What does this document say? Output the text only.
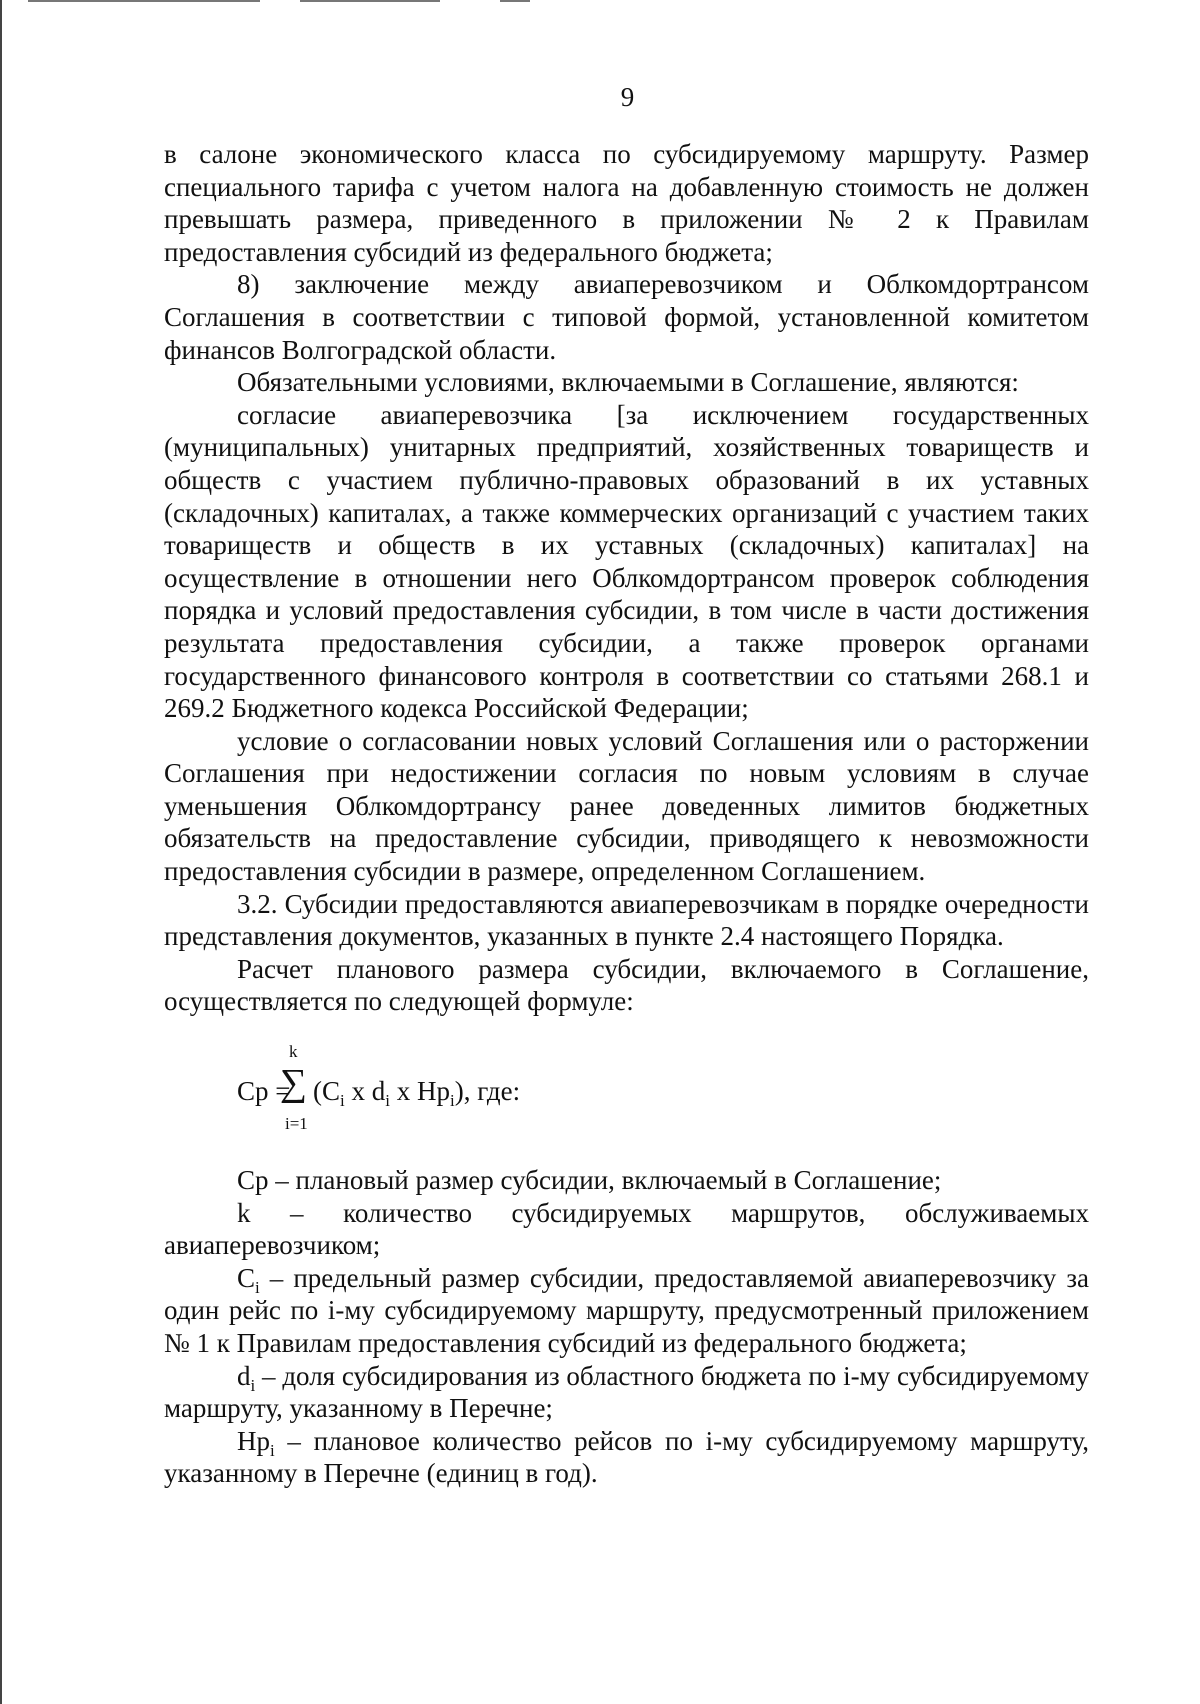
9

в салоне экономического класса по субсидируемому маршруту. Размер специального тарифа с учетом налога на добавленную стоимость не должен превышать размера, приведенного в приложении № 2 к Правилам предоставления субсидий из федерального бюджета;

8) заключение между авиаперевозчиком и Облкомдортрансом Соглашения в соответствии с типовой формой, установленной комитетом финансов Волгоградской области.

Обязательными условиями, включаемыми в Соглашение, являются:

согласие авиаперевозчика [за исключением государственных (муниципальных) унитарных предприятий, хозяйственных товариществ и обществ с участием публично-правовых образований в их уставных (складочных) капиталах, а также коммерческих организаций с участием таких товариществ и обществ в их уставных (складочных) капиталах] на осуществление в отношении него Облкомдортрансом проверок соблюдения порядка и условий предоставления субсидии, в том числе в части достижения результата предоставления субсидии, а также проверок органами государственного финансового контроля в соответствии со статьями 268.1 и 269.2 Бюджетного кодекса Российской Федерации;

условие о согласовании новых условий Соглашения или о расторжении Соглашения при недостижении согласия по новым условиям в случае уменьшения Облкомдортрансу ранее доведенных лимитов бюджетных обязательств на предоставление субсидии, приводящего к невозможности предоставления субсидии в размере, определенном Соглашением.

3.2. Субсидии предоставляются авиаперевозчикам в порядке очередности представления документов, указанных в пункте 2.4 настоящего Порядка.

Расчет планового размера субсидии, включаемого в Соглашение, осуществляется по следующей формуле:

Ср =
k
∑
i=1
($С_i$ x $d_i$ x $Нр_i$), где:

Ср – плановый размер субсидии, включаемый в Соглашение;

k – количество субсидируемых маршрутов, обслуживаемых авиаперевозчиком;

$С_i$ – предельный размер субсидии, предоставляемой авиаперевозчику за один рейс по i-му субсидируемому маршруту, предусмотренный приложением № 1 к Правилам предоставления субсидий из федерального бюджета;

$d_i$ – доля субсидирования из областного бюджета по i-му субсидируемому маршруту, указанному в Перечне;

$Нр_i$ – плановое количество рейсов по i-му субсидируемому маршруту, указанному в Перечне (единиц в год).
